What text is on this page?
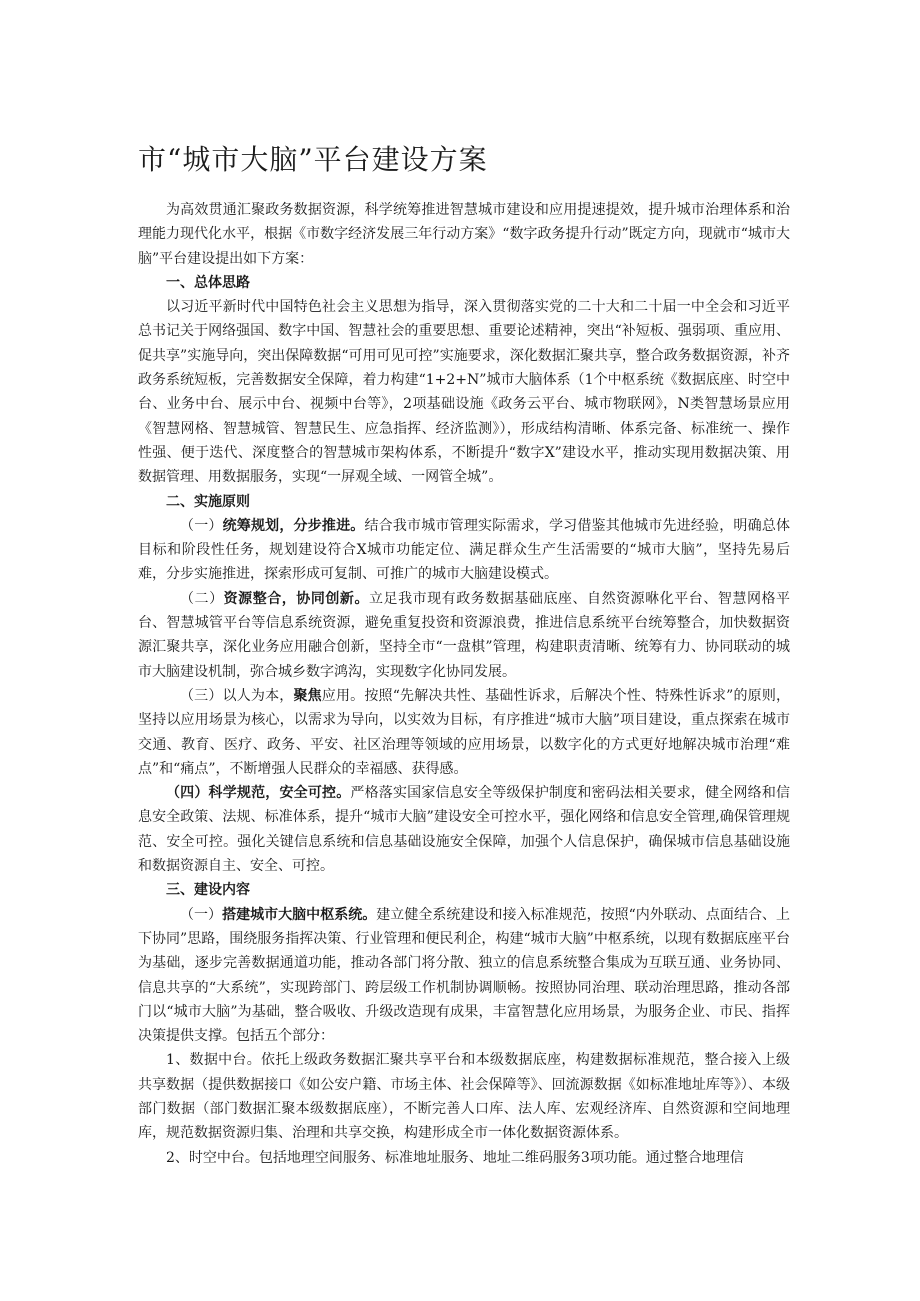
市“城市大脑”平台建设方案

为高效贯通汇聚政务数据资源，科学统筹推进智慧城市建设和应用提速提效，提升城市治理体系和治理能力现代化水平，根据《市数字经济发展三年行动方案》“数字政务提升行动”既定方向，现就市“城市大脑”平台建设提出如下方案：

一、总体思路

以习近平新时代中国特色社会主义思想为指导，深入贯彻落实党的二十大和二十届一中全会和习近平总书记关于网络强国、数字中国、智慧社会的重要思想、重要论述精神，突出“补短板、强弱项、重应用、促共享”实施导向，突出保障数据“可用可见可控”实施要求，深化数据汇聚共享，整合政务数据资源，补齐政务系统短板，完善数据安全保障，着力构建“1+2+N”城市大脑体系（1个中枢系统《数据底座、时空中台、业务中台、展示中台、视频中台等》，2项基础设施《政务云平台、城市物联网》，N类智慧场景应用《智慧网格、智慧城管、智慧民生、应急指挥、经济监测》），形成结构清晰、体系完备、标准统一、操作性强、便于迭代、深度整合的智慧城市架构体系，不断提升“数字X”建设水平，推动实现用数据决策、用数据管理、用数据服务，实现“一屏观全域、一网管全城”。

二、实施原则

（一）统筹规划，分步推进。结合我市城市管理实际需求，学习借鉴其他城市先进经验，明确总体目标和阶段性任务，规划建设符合X城市功能定位、满足群众生产生活需要的“城市大脑”，坚持先易后难，分步实施推进，探索形成可复制、可推广的城市大脑建设模式。

（二）资源整合，协同创新。立足我市现有政务数据基础底座、自然资源咻化平台、智慧网格平台、智慧城管平台等信息系统资源，避免重复投资和资源浪费，推进信息系统平台统筹整合，加快数据资源汇聚共享，深化业务应用融合创新，坚持全市“一盘棋”管理，构建职责清晰、统筹有力、协同联动的城市大脑建设机制，弥合城乡数字鸿沟，实现数字化协同发展。

（三）以人为本，聚焦应用。按照“先解决共性、基础性诉求，后解决个性、特殊性诉求”的原则，坚持以应用场景为核心，以需求为导向，以实效为目标，有序推进“城市大脑”项目建设，重点探索在城市交通、教育、医疗、政务、平安、社区治理等领域的应用场景，以数字化的方式更好地解决城市治理“难点”和“痛点”，不断增强人民群众的幸福感、获得感。

（四）科学规范，安全可控。严格落实国家信息安全等级保护制度和密码法相关要求，健全网络和信息安全政策、法规、标准体系，提升“城市大脑”建设安全可控水平，强化网络和信息安全管理,确保管理规范、安全可控。强化关键信息系统和信息基础设施安全保障，加强个人信息保护，确保城市信息基础设施和数据资源自主、安全、可控。

三、建设内容

（一）搭建城市大脑中枢系统。建立健全系统建设和接入标准规范，按照“内外联动、点面结合、上下协同”思路，围绕服务指挥决策、行业管理和便民利企，构建“城市大脑”中枢系统，以现有数据底座平台为基础，逐步完善数据通道功能，推动各部门将分散、独立的信息系统整合集成为互联互通、业务协同、信息共享的“大系统”，实现跨部门、跨层级工作机制协调顺畅。按照协同治理、联动治理思路，推动各部门以“城市大脑”为基础，整合吸收、升级改造现有成果，丰富智慧化应用场景，为服务企业、市民、指挥决策提供支撑。包括五个部分：

1、数据中台。依托上级政务数据汇聚共享平台和本级数据底座，构建数据标准规范，整合接入上级共享数据（提供数据接口《如公安户籍、市场主体、社会保障等》、回流源数据《如标准地址库等》）、本级部门数据（部门数据汇聚本级数据底座），不断完善人口库、法人库、宏观经济库、自然资源和空间地理库，规范数据资源归集、治理和共享交换，构建形成全市一体化数据资源体系。

2、时空中台。包括地理空间服务、标准地址服务、地址二维码服务3项功能。通过整合地理信
